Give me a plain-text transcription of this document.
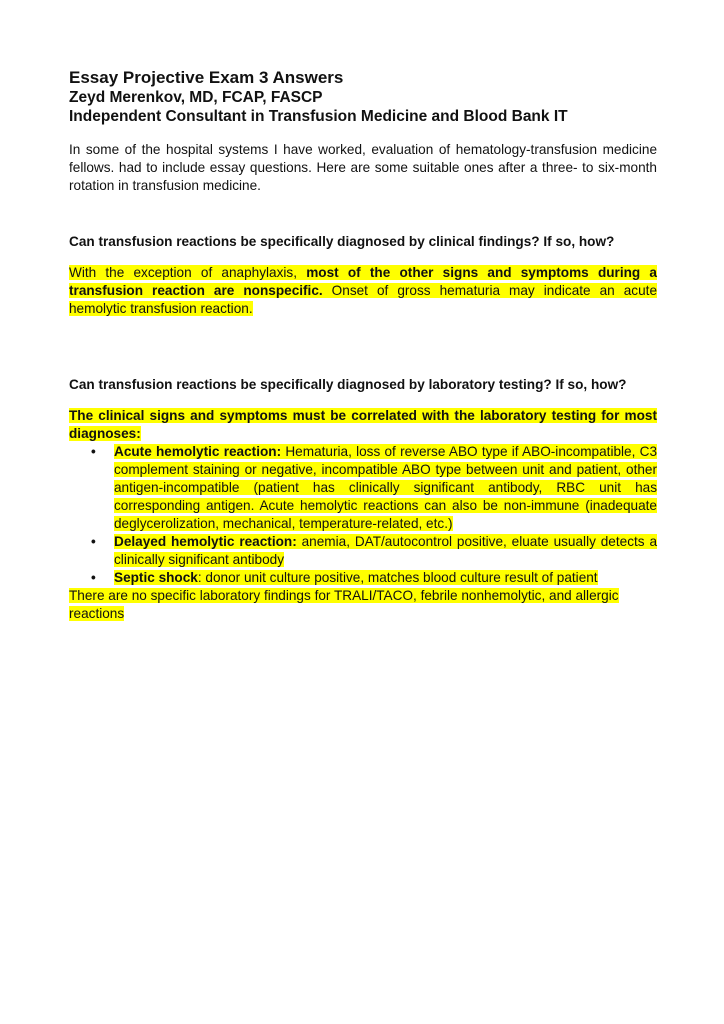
Essay Projective Exam 3 Answers

Zeyd Merenkov, MD, FCAP, FASCP

Independent Consultant in Transfusion Medicine and Blood Bank IT

In some of the hospital systems I have worked, evaluation of hematology-transfusion medicine fellows. had to include essay questions. Here are some suitable ones after a three- to six-month rotation in transfusion medicine.

Can transfusion reactions be specifically diagnosed by clinical findings? If so, how?

With the exception of anaphylaxis, most of the other signs and symptoms during a transfusion reaction are nonspecific. Onset of gross hematuria may indicate an acute hemolytic transfusion reaction.

Can transfusion reactions be specifically diagnosed by laboratory testing? If so, how?

The clinical signs and symptoms must be correlated with the laboratory testing for most diagnoses:

• Acute hemolytic reaction: Hematuria, loss of reverse ABO type if ABO-incompatible, C3 complement staining or negative, incompatible ABO type between unit and patient, other antigen-incompatible (patient has clinically significant antibody, RBC unit has corresponding antigen. Acute hemolytic reactions can also be non-immune (inadequate deglycerolization, mechanical, temperature-related, etc.)
• Delayed hemolytic reaction: anemia, DAT/autocontrol positive, eluate usually detects a clinically significant antibody
• Septic shock: donor unit culture positive, matches blood culture result of patient

There are no specific laboratory findings for TRALI/TACO, febrile nonhemolytic, and allergic reactions
